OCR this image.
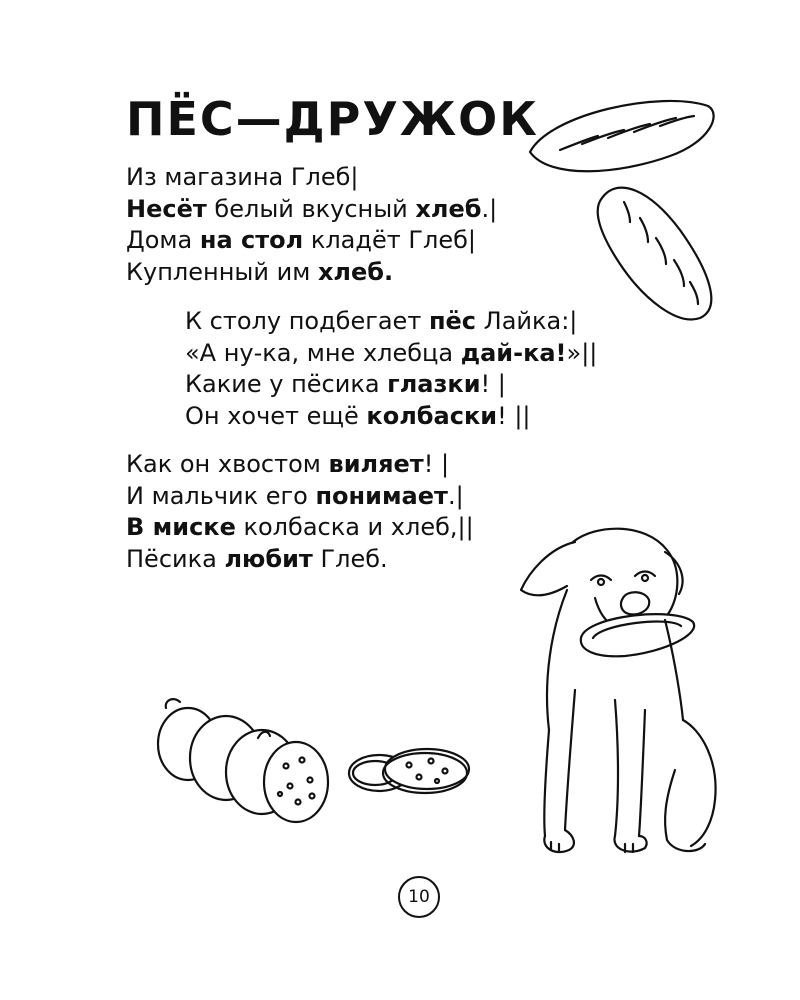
ПЁС—ДРУЖОК
Из магазина Глеб|
Несёт белый вкусный хлеб.|
Дома на стол кладёт Глеб|
Купленный им хлеб.
К столу подбегает пёс Лайка:|
«А ну-ка, мне хлебца дай-ка!»||
Какие у пёсика глазки! |
Он хочет ещё колбаски! ||
Как он хвостом виляет! |
И мальчик его понимает.|
В миске колбаска и хлеб,||
Пёсика любит Глеб.
10
